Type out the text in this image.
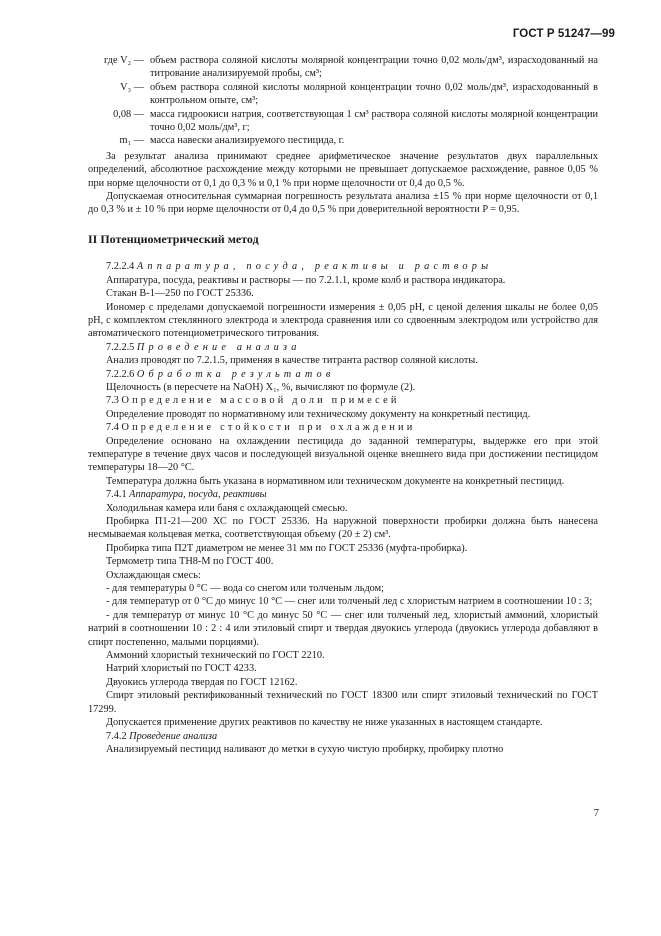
ГОСТ Р 51247—99
где V₂ — объем раствора соляной кислоты молярной концентрации точно 0,02 моль/дм³, израсходованный на титрование анализируемой пробы, см³;
V₃ — объем раствора соляной кислоты молярной концентрации точно 0,02 моль/дм³, израсходованный в контрольном опыте, см³;
0,08 — масса гидроокиси натрия, соответствующая 1 см³ раствора соляной кислоты молярной концентрации точно 0,02 моль/дм³, г;
m₁ — масса навески анализируемого пестицида, г.

За результат анализа принимают среднее арифметическое значение результатов двух параллельных определений, абсолютное расхождение между которыми не превышает допускаемое расхождение, равное 0,05 % при норме щелочности от 0,1 до 0,3 % и 0,1 % при норме щелочности от 0,4 до 0,5 %.

Допускаемая относительная суммарная погрешность результата анализа ±15 % при норме щелочности от 0,1 до 0,3 % и ± 10 % при норме щелочности от 0,4 до 0,5 % при доверительной вероятности P = 0,95.

II Потенциометрический метод

7.2.2.4 Аппаратура, посуда, реактивы и растворы

Аппаратура, посуда, реактивы и растворы — по 7.2.1.1, кроме колб и раствора индикатора.

Стакан В-1—250 по ГОСТ 25336.

Иономер с пределами допускаемой погрешности измерения ± 0,05 pH, с ценой деления шкалы не более 0,05 pH, с комплектом стеклянного электрода и электрода сравнения или со сдвоенным электродом или устройство для автоматического потенциометрического титрования.

7.2.2.5 Проведение анализа

Анализ проводят по 7.2.1.5, применяя в качестве титранта раствор соляной кислоты.

7.2.2.6 Обработка результатов

Щелочность (в пересчете на NaOH) X₁, %, вычисляют по формуле (2).

7.3 Определение массовой доли примесей

Определение проводят по нормативному или техническому документу на конкретный пестицид.

7.4 Определение стойкости при охлаждении

Определение основано на охлаждении пестицида до заданной температуры, выдержке его при этой температуре в течение двух часов и последующей визуальной оценке внешнего вида при достижении пестицидом температуры 18—20 °С.

Температура должна быть указана в нормативном или техническом документе на конкретный пестицид.

7.4.1 Аппаратура, посуда, реактивы

Холодильная камера или баня с охлаждающей смесью.

Пробирка П1-21—200 ХС по ГОСТ 25336. На наружной поверхности пробирки должна быть нанесена несмываемая кольцевая метка, соответствующая объему (20 ± 2) см³.

Пробирка типа П2Т диаметром не менее 31 мм по ГОСТ 25336 (муфта-пробирка).

Термометр типа ТН8-М по ГОСТ 400.

Охлаждающая смесь:

- для температуры 0 °С — вода со снегом или толченым льдом;

- для температур от 0 °С до минус 10 °С — снег или толченый лед с хлористым натрием в соотношении 10 : 3;

- для температур от минус 10 °С до минус 50 °С — снег или толченый лед, хлористый аммоний, хлористый натрий в соотношении 10 : 2 : 4 или этиловый спирт и твердая двуокись углерода (двуокись углерода добавляют в спирт постепенно, малыми порциями).

Аммоний хлористый технический по ГОСТ 2210.

Натрий хлористый по ГОСТ 4233.

Двуокись углерода твердая по ГОСТ 12162.

Спирт этиловый ректификованный технический по ГОСТ 18300 или спирт этиловый технический по ГОСТ 17299.

Допускается применение других реактивов по качеству не ниже указанных в настоящем стандарте.

7.4.2 Проведение анализа

Анализируемый пестицид наливают до метки в сухую чистую пробирку, пробирку плотно

7
